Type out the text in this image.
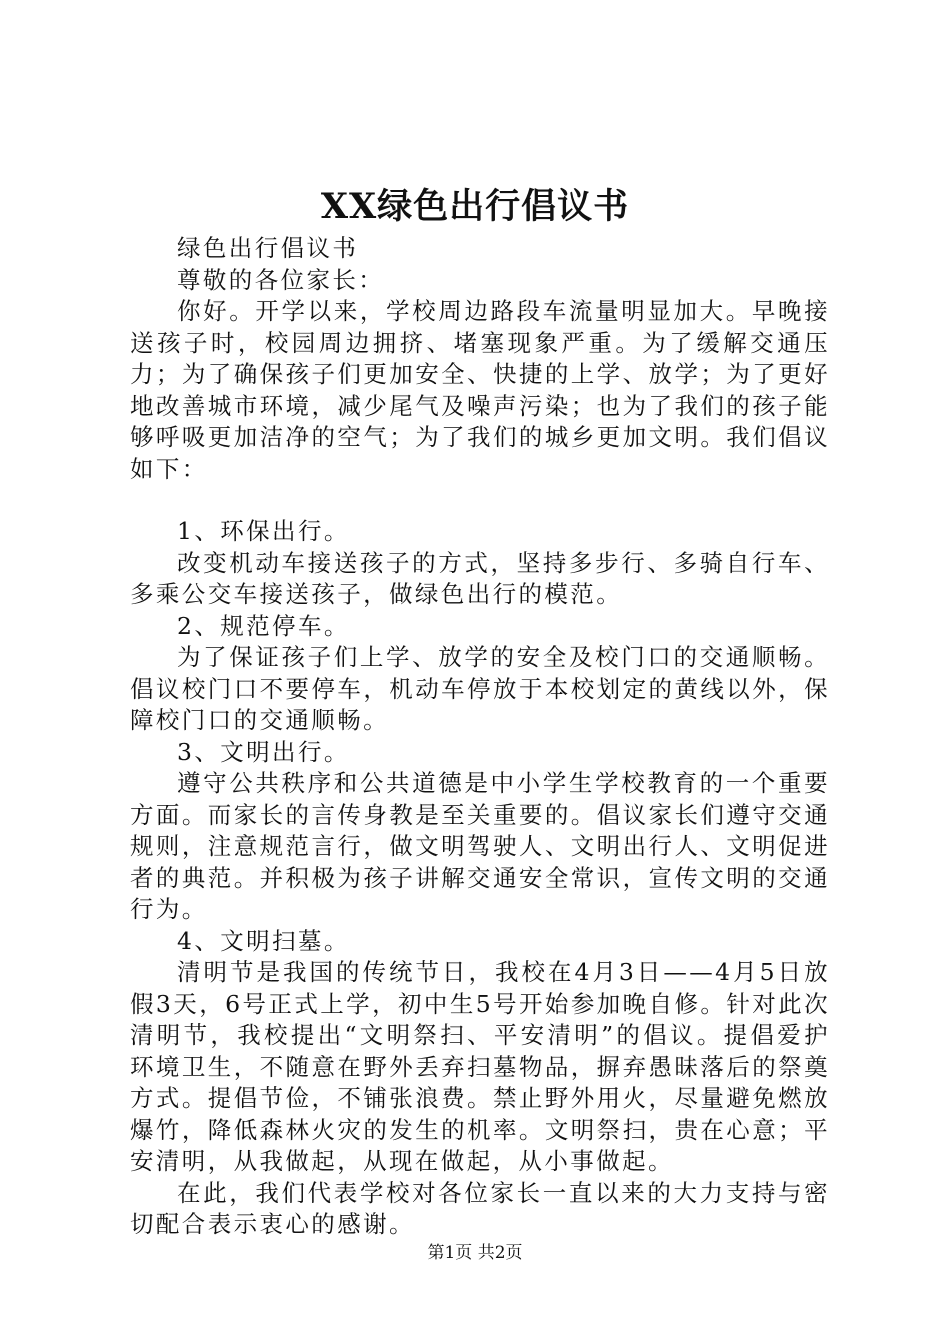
XX绿色出行倡议书

绿色出行倡议书

尊敬的各位家长：

你好。开学以来，学校周边路段车流量明显加大。早晚接送孩子时，校园周边拥挤、堵塞现象严重。为了缓解交通压力；为了确保孩子们更加安全、快捷的上学、放学；为了更好地改善城市环境，减少尾气及噪声污染；也为了我们的孩子能够呼吸更加洁净的空气；为了我们的城乡更加文明。我们倡议如下：

1、环保出行。

改变机动车接送孩子的方式，坚持多步行、多骑自行车、多乘公交车接送孩子，做绿色出行的模范。

2、规范停车。

为了保证孩子们上学、放学的安全及校门口的交通顺畅。倡议校门口不要停车，机动车停放于本校划定的黄线以外，保障校门口的交通顺畅。

3、文明出行。

遵守公共秩序和公共道德是中小学生学校教育的一个重要方面。而家长的言传身教是至关重要的。倡议家长们遵守交通规则，注意规范言行，做文明驾驶人、文明出行人、文明促进者的典范。并积极为孩子讲解交通安全常识，宣传文明的交通行为。

4、文明扫墓。

清明节是我国的传统节日，我校在4月3日——4月5日放假3天，6号正式上学，初中生5号开始参加晚自修。针对此次清明节，我校提出“文明祭扫、平安清明”的倡议。提倡爱护环境卫生，不随意在野外丢弃扫墓物品，摒弃愚昧落后的祭奠方式。提倡节俭，不铺张浪费。禁止野外用火，尽量避免燃放爆竹，降低森林火灾的发生的机率。文明祭扫，贵在心意；平安清明，从我做起，从现在做起，从小事做起。

在此，我们代表学校对各位家长一直以来的大力支持与密切配合表示衷心的感谢。

第1页 共2页
